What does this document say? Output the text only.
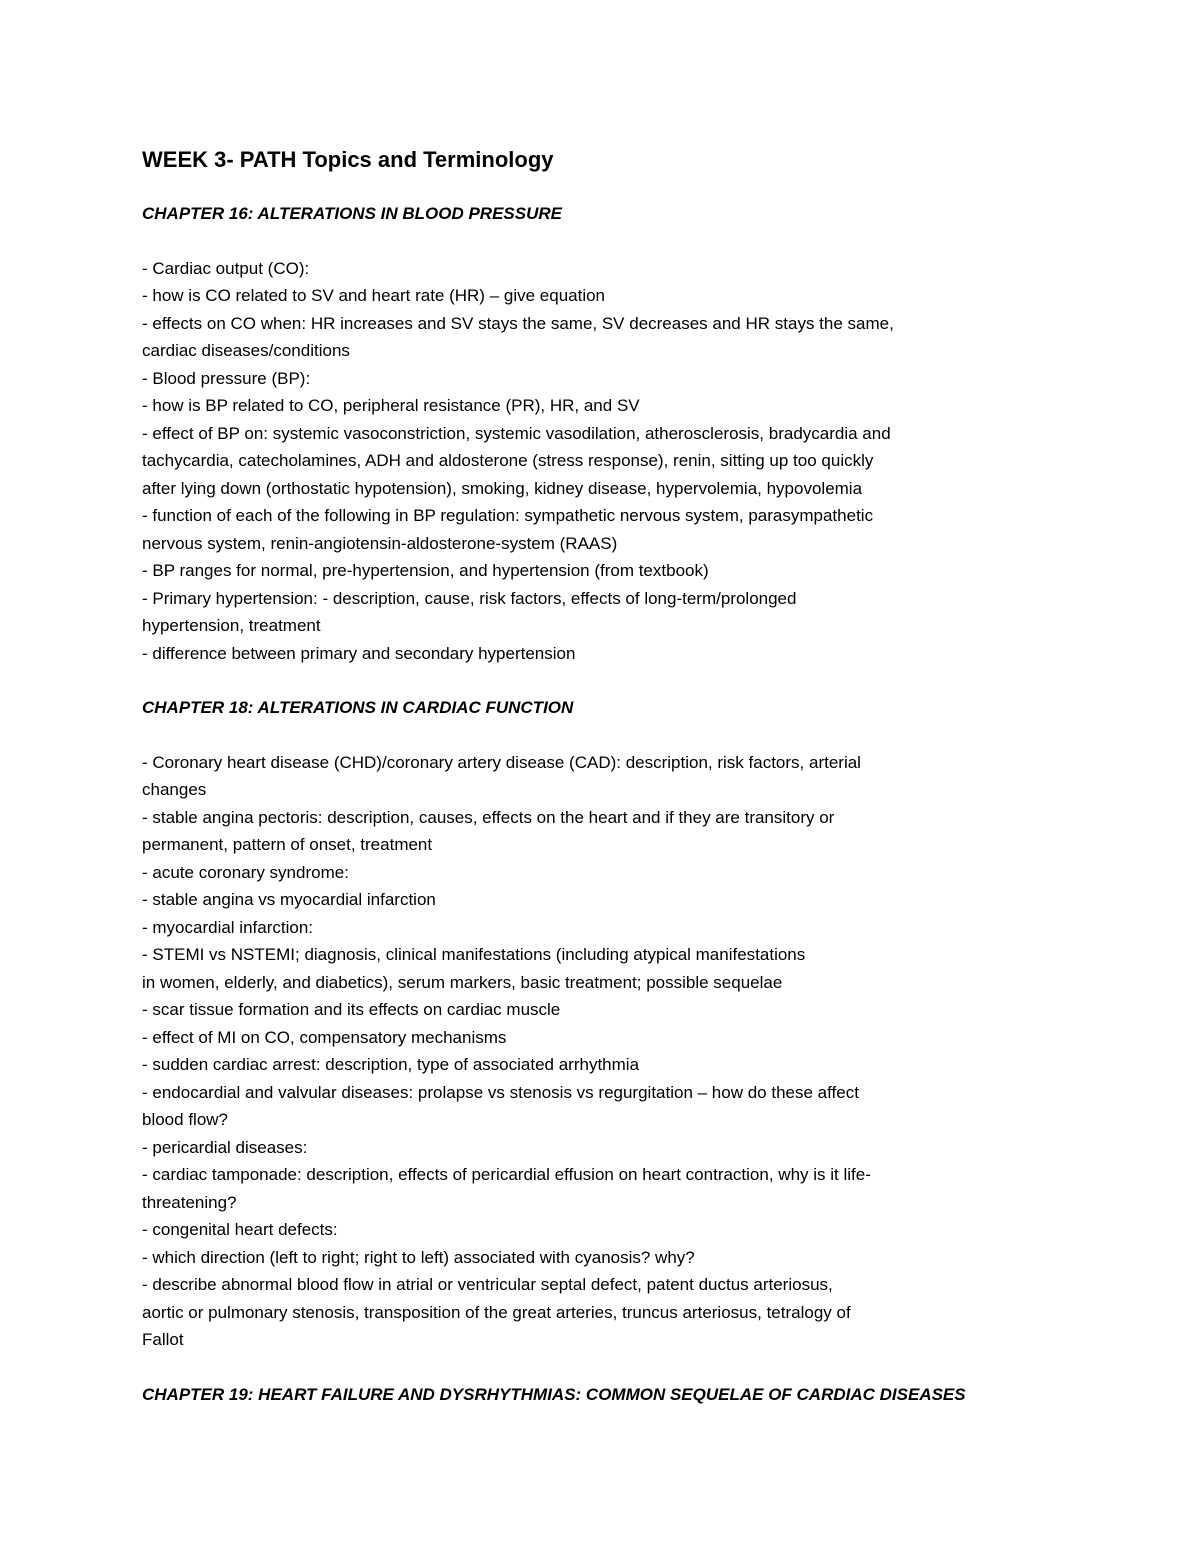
WEEK 3- PATH Topics and Terminology
CHAPTER 16: ALTERATIONS IN BLOOD PRESSURE

- Cardiac output (CO):

- how is CO related to SV and heart rate (HR) – give equation

- effects on CO when: HR increases and SV stays the same, SV decreases and HR stays the same,

cardiac diseases/conditions

- Blood pressure (BP):

- how is BP related to CO, peripheral resistance (PR), HR, and SV

- effect of BP on: systemic vasoconstriction, systemic vasodilation, atherosclerosis, bradycardia and

tachycardia, catecholamines, ADH and aldosterone (stress response), renin, sitting up too quickly

after lying down (orthostatic hypotension), smoking, kidney disease, hypervolemia, hypovolemia

- function of each of the following in BP regulation: sympathetic nervous system, parasympathetic

nervous system, renin-angiotensin-aldosterone-system (RAAS)

- BP ranges for normal, pre-hypertension, and hypertension (from textbook)

- Primary hypertension: - description, cause, risk factors, effects of long-term/prolonged

hypertension, treatment

- difference between primary and secondary hypertension

CHAPTER 18: ALTERATIONS IN CARDIAC FUNCTION

- Coronary heart disease (CHD)/coronary artery disease (CAD): description, risk factors, arterial

changes

- stable angina pectoris: description, causes, effects on the heart and if they are transitory or

permanent, pattern of onset, treatment

- acute coronary syndrome:

- stable angina vs myocardial infarction

- myocardial infarction:

- STEMI vs NSTEMI; diagnosis, clinical manifestations (including atypical manifestations

in women, elderly, and diabetics), serum markers, basic treatment; possible sequelae

- scar tissue formation and its effects on cardiac muscle

- effect of MI on CO, compensatory mechanisms

- sudden cardiac arrest: description, type of associated arrhythmia

- endocardial and valvular diseases: prolapse vs stenosis vs regurgitation – how do these affect

blood flow?

- pericardial diseases:

- cardiac tamponade: description, effects of pericardial effusion on heart contraction, why is it life-

threatening?

- congenital heart defects:

- which direction (left to right; right to left) associated with cyanosis? why?

- describe abnormal blood flow in atrial or ventricular septal defect, patent ductus arteriosus,

aortic or pulmonary stenosis, transposition of the great arteries, truncus arteriosus, tetralogy of

Fallot

CHAPTER 19: HEART FAILURE AND DYSRHYTHMIAS: COMMON SEQUELAE OF CARDIAC DISEASES
